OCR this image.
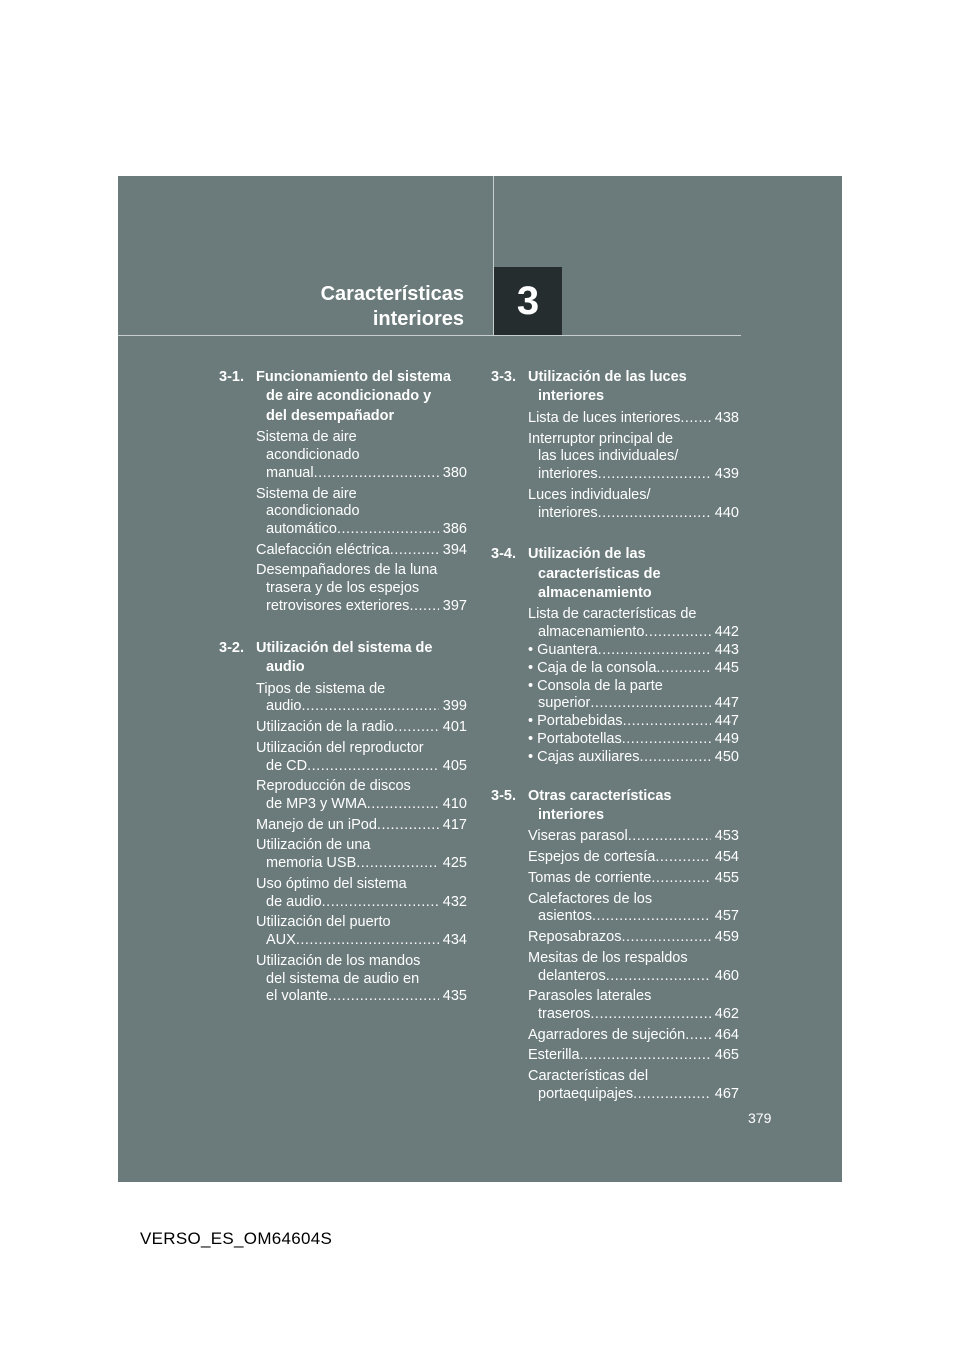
Características
interiores	3
3-1. Funcionamiento del sistema
de aire acondicionado y
del desempañador
Sistema de aire
acondicionado
manual .....	380
Sistema de aire
acondicionado
automático .....	386
Calefacción eléctrica .....	394
Desempañadores de la luna
trasera y de los espejos
retrovisores exteriores ..... 397
3-2. Utilización del sistema de
audio
Tipos de sistema de
audio .....	399
Utilización de la radio .....	401
Utilización del reproductor
de CD .....	405
Reproducción de discos
de MP3 y WMA .....	410
Manejo de un iPod .....	417
Utilización de una
memoria USB .....	425
Uso óptimo del sistema
de audio .....	432
Utilización del puerto
AUX .....	434
Utilización de los mandos
del sistema de audio en
el volante .....	435
3-3. Utilización de las luces
interiores
Lista de luces interiores ..... 438
Interruptor principal de
las luces individuales/
interiores .....	439
Luces individuales/
interiores .....	440
3-4. Utilización de las
características de
almacenamiento
Lista de características de
almacenamiento .....	442
• Guantera .....	443
• Caja de la consola .....	445
• Consola de la parte
superior .....	447
• Portabebidas .....	447
• Portabotellas .....	449
• Cajas auxiliares .....	450
3-5. Otras características
interiores
Viseras parasol .....	453
Espejos de cortesía .....	454
Tomas de corriente .....	455
Calefactores de los
asientos .....	457
Reposabrazos .....	459
Mesitas de los respaldos
delanteros .....	460
Parasoles laterales
traseros .....	462
Agarradores de sujeción ..... 464
Esterilla .....	465
Características del
portaequipajes .....	467
379
VERSO_ES_OM64604S
